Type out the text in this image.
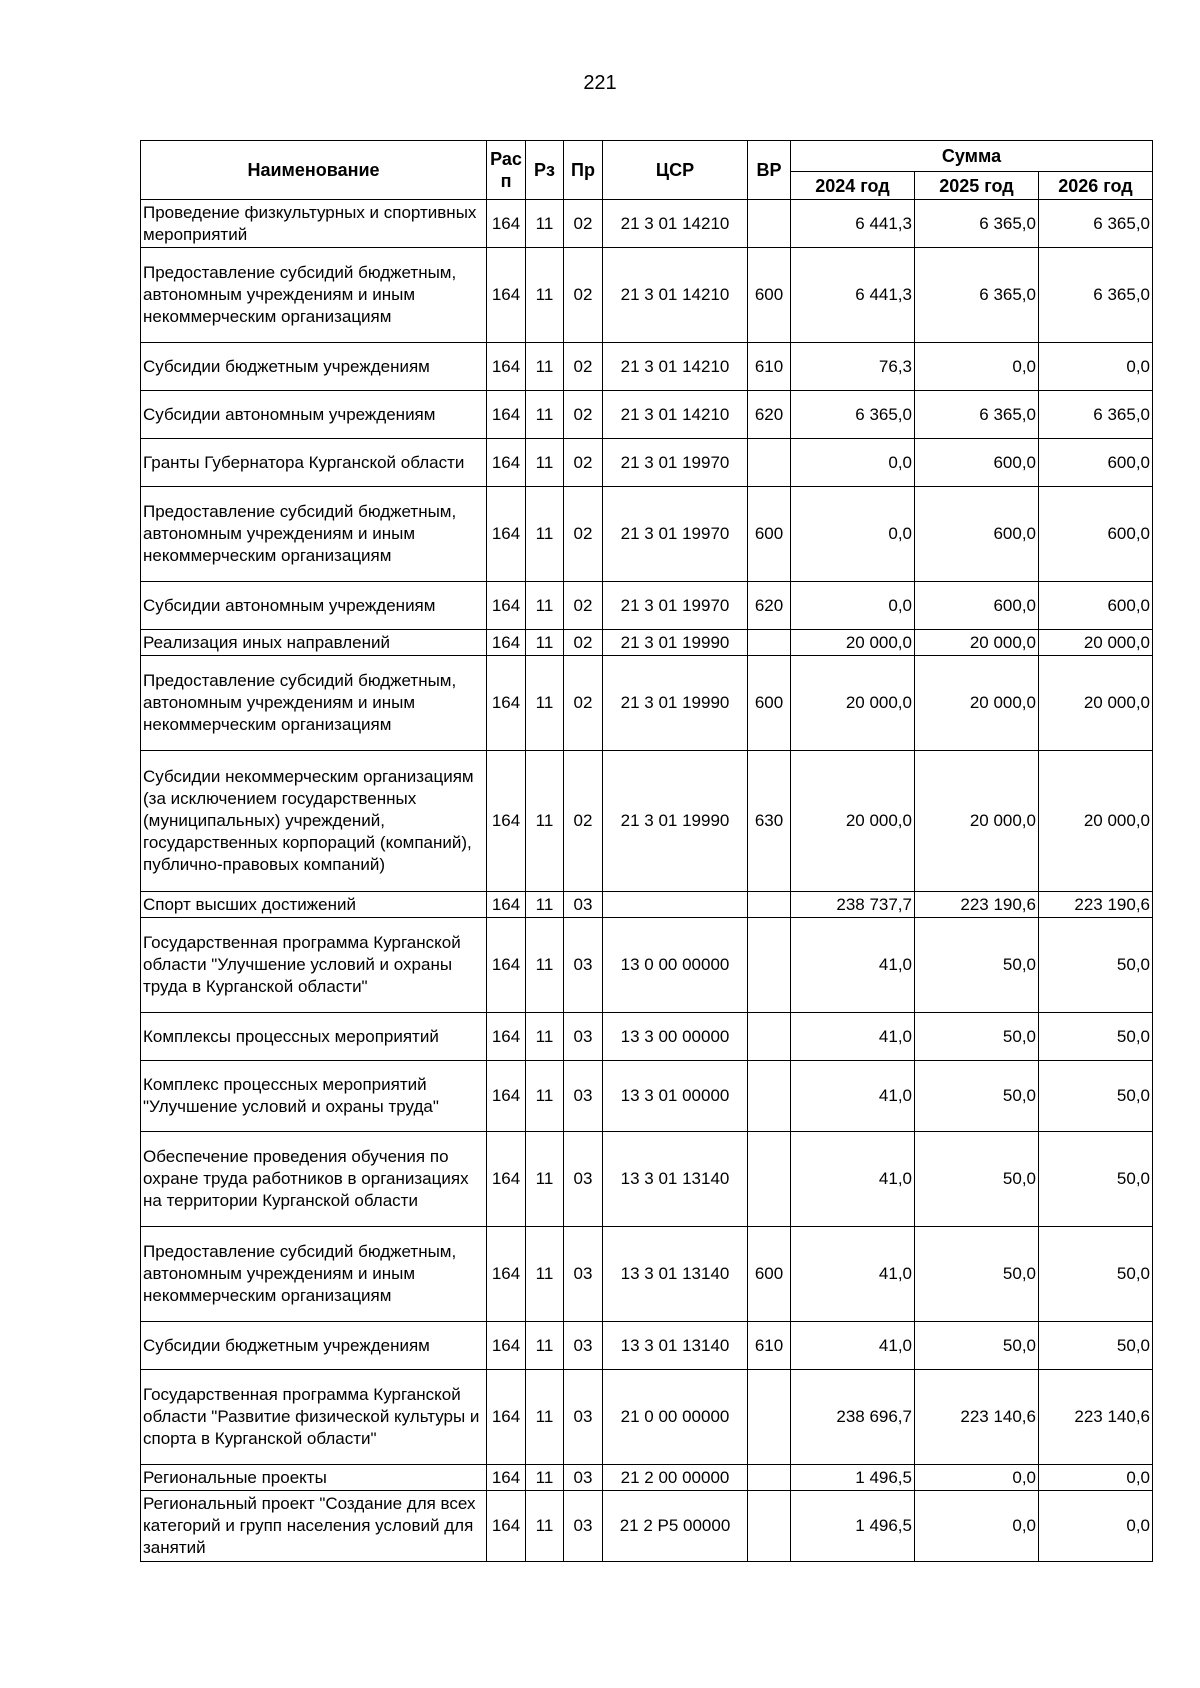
221
Наименование	Рас п	Рз	Пр	ЦСР	ВР	Сумма		
						2024 год	2025 год	2026 год
Проведение физкультурных и спортивных мероприятий	164	11	02	21 3 01 14210		6 441,3	6 365,0	6 365,0
Предоставление субсидий бюджетным, автономным учреждениям и иным некоммерческим организациям	164	11	02	21 3 01 14210	600	6 441,3	6 365,0	6 365,0
Субсидии бюджетным учреждениям	164	11	02	21 3 01 14210	610	76,3	0,0	0,0
Субсидии автономным учреждениям	164	11	02	21 3 01 14210	620	6 365,0	6 365,0	6 365,0
Гранты Губернатора Курганской области	164	11	02	21 3 01 19970		0,0	600,0	600,0
Предоставление субсидий бюджетным, автономным учреждениям и иным некоммерческим организациям	164	11	02	21 3 01 19970	600	0,0	600,0	600,0
Субсидии автономным учреждениям	164	11	02	21 3 01 19970	620	0,0	600,0	600,0
Реализация иных направлений	164	11	02	21 3 01 19990		20 000,0	20 000,0	20 000,0
Предоставление субсидий бюджетным, автономным учреждениям и иным некоммерческим организациям	164	11	02	21 3 01 19990	600	20 000,0	20 000,0	20 000,0
Субсидии некоммерческим организациям (за исключением государственных (муниципальных) учреждений, государственных корпораций (компаний), публично-правовых компаний)	164	11	02	21 3 01 19990	630	20 000,0	20 000,0	20 000,0
Спорт высших достижений	164	11	03			238 737,7	223 190,6	223 190,6
Государственная программа Курганской области "Улучшение условий и охраны труда в Курганской области"	164	11	03	13 0 00 00000		41,0	50,0	50,0
Комплексы процессных мероприятий	164	11	03	13 3 00 00000		41,0	50,0	50,0
Комплекс процессных мероприятий "Улучшение условий и охраны труда"	164	11	03	13 3 01 00000		41,0	50,0	50,0
Обеспечение проведения обучения по охране труда работников в организациях на территории Курганской области	164	11	03	13 3 01 13140		41,0	50,0	50,0
Предоставление субсидий бюджетным, автономным учреждениям и иным некоммерческим организациям	164	11	03	13 3 01 13140	600	41,0	50,0	50,0
Субсидии бюджетным учреждениям	164	11	03	13 3 01 13140	610	41,0	50,0	50,0
Государственная программа Курганской области "Развитие физической культуры и спорта в Курганской области"	164	11	03	21 0 00 00000		238 696,7	223 140,6	223 140,6
Региональные проекты	164	11	03	21 2 00 00000		1 496,5	0,0	0,0
Региональный проект "Создание для всех категорий и групп населения условий для занятий	164	11	03	21 2 P5 00000		1 496,5	0,0	0,0
